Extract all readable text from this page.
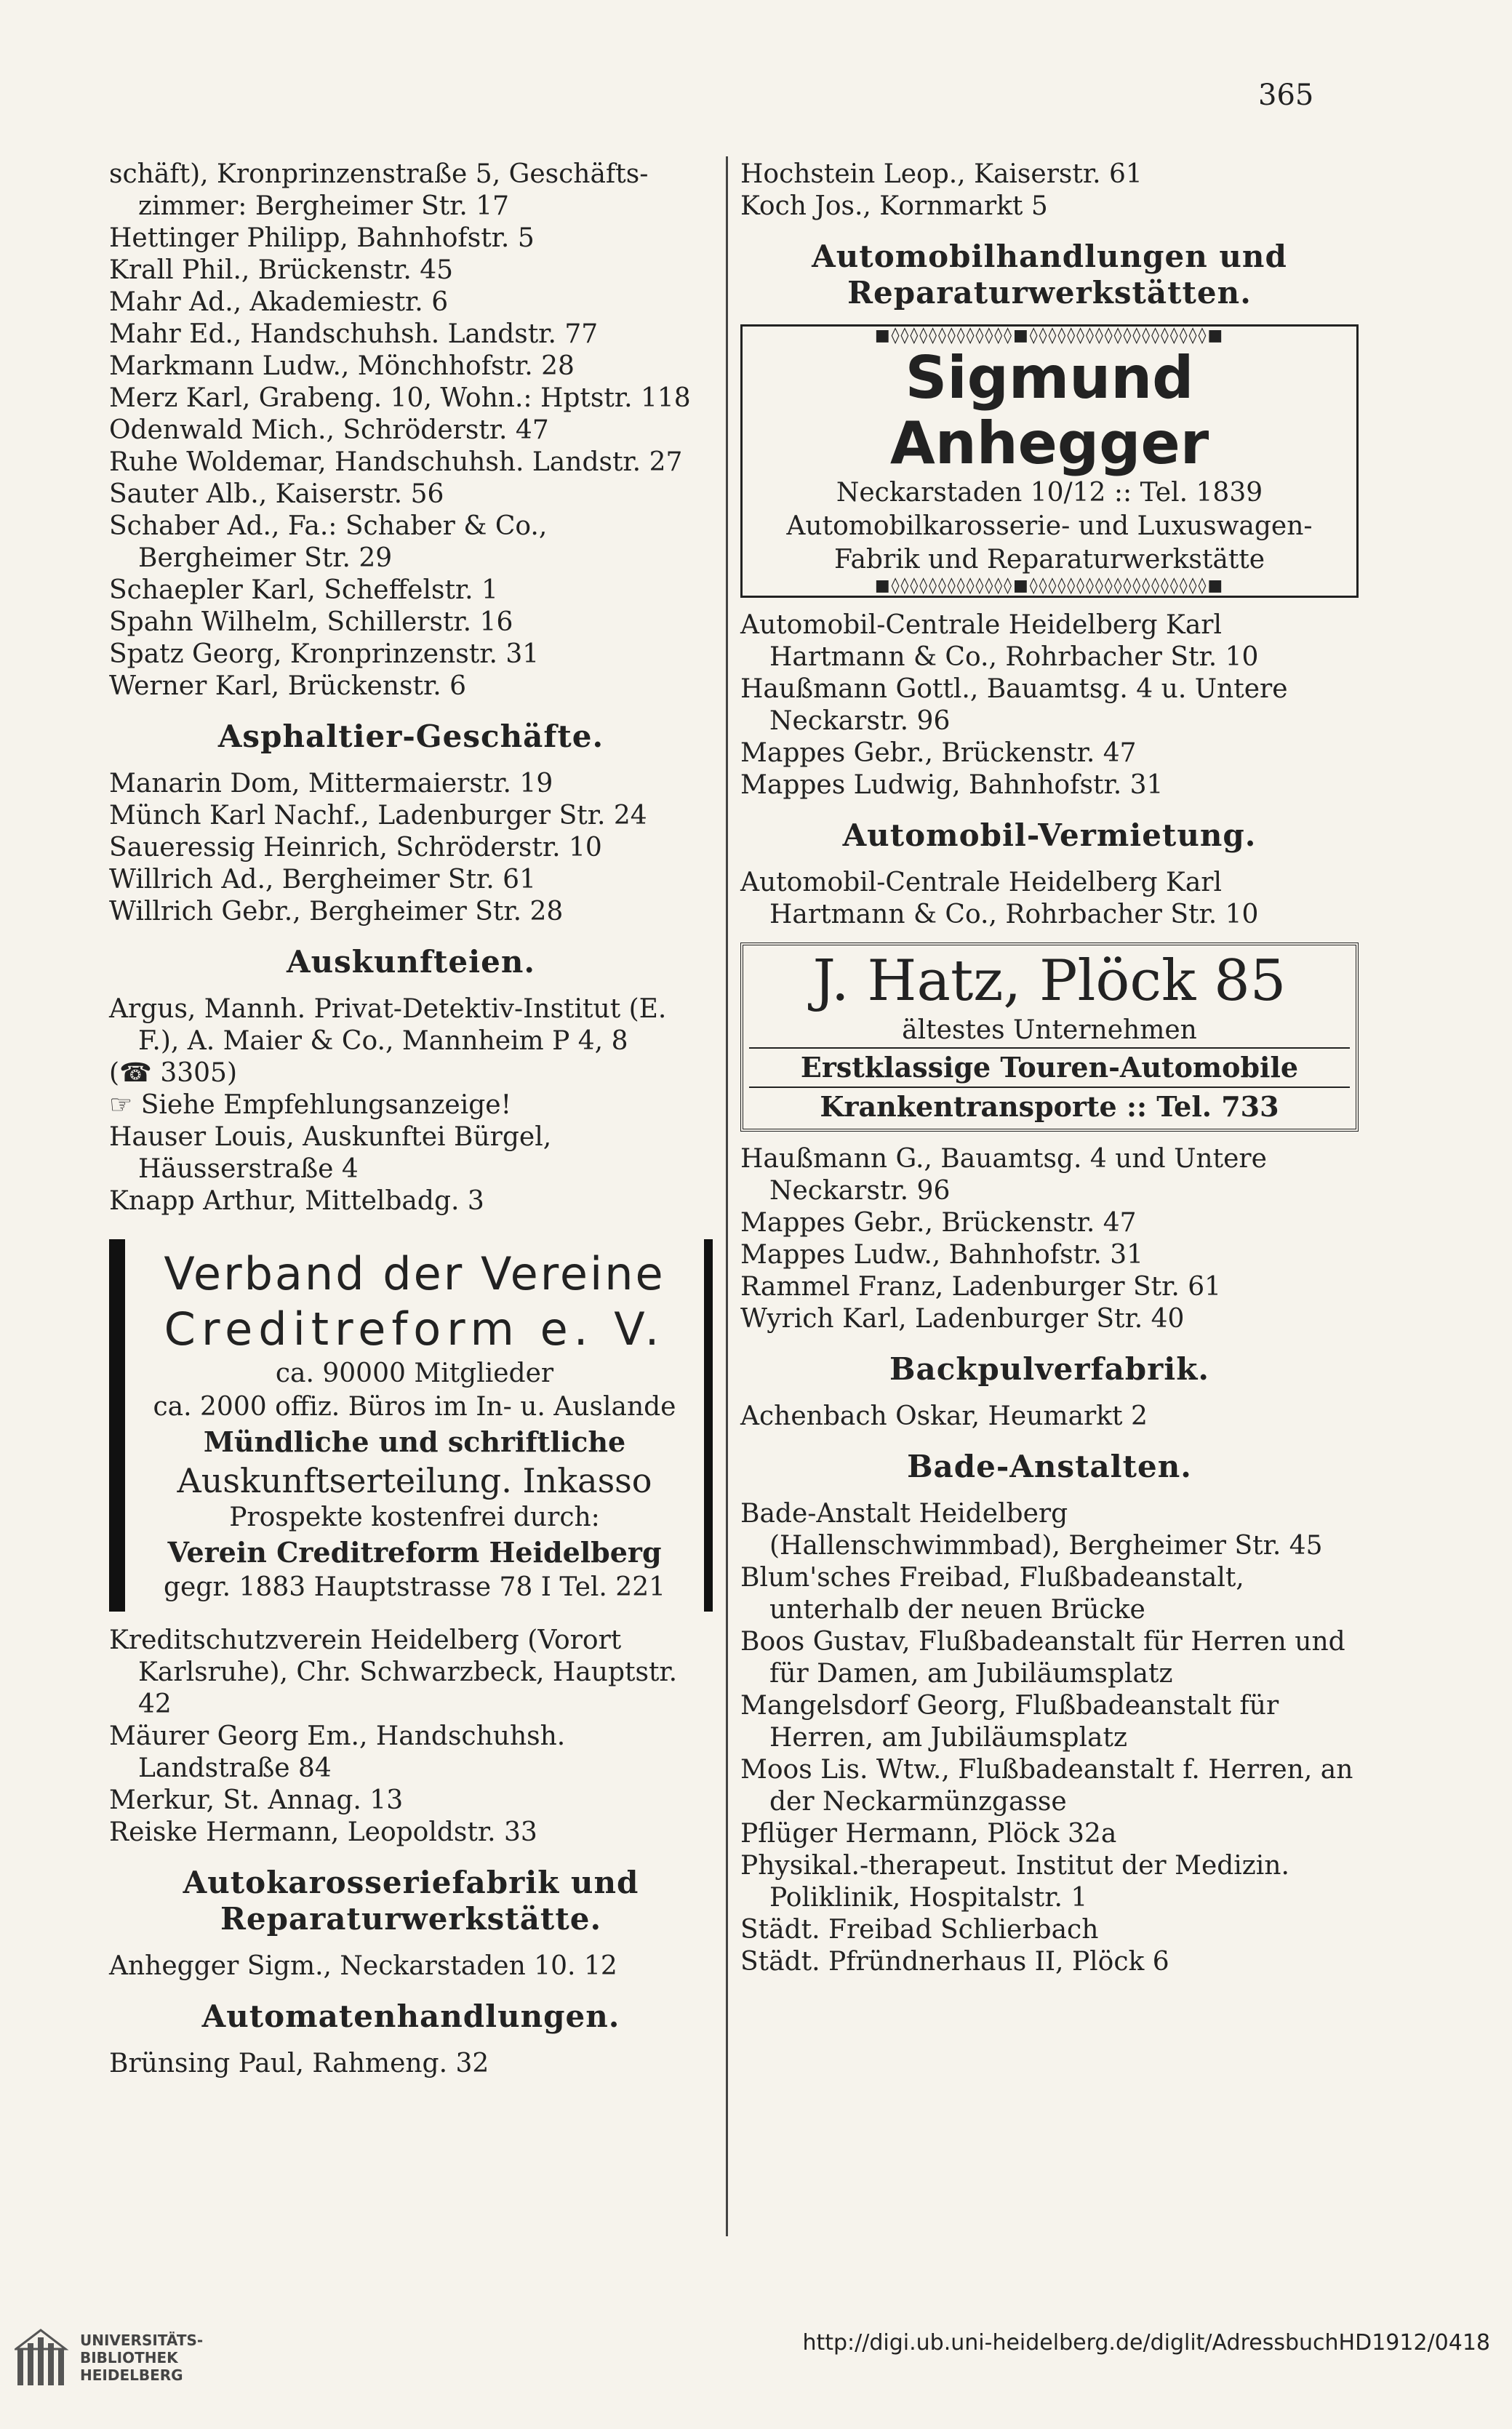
365

schäft), Kronprinzenstraße 5, Geschäfts-zimmer: Bergheimer Str. 17

Hettinger Philipp, Bahnhofstr. 5

Krall Phil., Brückenstr. 45

Mahr Ad., Akademiestr. 6

Mahr Ed., Handschuhsh. Landstr. 77

Markmann Ludw., Mönchhofstr. 28

Merz Karl, Grabeng. 10, Wohn.: Hptstr. 118

Odenwald Mich., Schröderstr. 47

Ruhe Woldemar, Handschuhsh. Landstr. 27

Sauter Alb., Kaiserstr. 56

Schaber Ad., Fa.: Schaber & Co., Bergheimer Str. 29

Schaepler Karl, Scheffelstr. 1

Spahn Wilhelm, Schillerstr. 16

Spatz Georg, Kronprinzenstr. 31

Werner Karl, Brückenstr. 6

Asphaltier-Geschäfte.

Manarin Dom, Mittermaierstr. 19

Münch Karl Nachf., Ladenburger Str. 24

Saueressig Heinrich, Schröderstr. 10

Willrich Ad., Bergheimer Str. 61

Willrich Gebr., Bergheimer Str. 28

Auskunfteien.

Argus, Mannh. Privat-Detektiv-Institut (E. F.), A. Maier & Co., Mannheim P 4, 8

(☎ 3305)

☞ Siehe Empfehlungsanzeige!

Hauser Louis, Auskunftei Bürgel, Häusserstraße 4

Knapp Arthur, Mittelbadg. 3

Verband der Vereine
Creditreform e. V.
ca. 90000 Mitglieder
ca. 2000 offiz. Büros im In- u. Auslande
Mündliche und schriftliche
Auskunftserteilung. Inkasso
Prospekte kostenfrei durch:
Verein Creditreform Heidelberg
gegr. 1883 Hauptstrasse 78 I Tel. 221

Kreditschutzverein Heidelberg (Vorort Karlsruhe), Chr. Schwarzbeck, Hauptstr. 42

Mäurer Georg Em., Handschuhsh. Landstraße 84

Merkur, St. Annag. 13

Reiske Hermann, Leopoldstr. 33

Autokarosseriefabrik und Reparaturwerkstätte.

Anhegger Sigm., Neckarstaden 10. 12

Automatenhandlungen.

Brünsing Paul, Rahmeng. 32

Hochstein Leop., Kaiserstr. 61

Koch Jos., Kornmarkt 5

Automobilhandlungen und Reparaturwerkstätten.
■◊◊◊◊◊◊◊◊◊◊◊◊◊■◊◊◊◊◊◊◊◊◊◊◊◊◊◊◊◊◊◊◊■
Sigmund Anhegger
Neckarstaden 10/12 :: Tel. 1839
Automobilkarosserie- und Luxuswagen-
Fabrik und Reparaturwerkstätte
■◊◊◊◊◊◊◊◊◊◊◊◊◊■◊◊◊◊◊◊◊◊◊◊◊◊◊◊◊◊◊◊◊■

Automobil-Centrale Heidelberg Karl Hartmann & Co., Rohrbacher Str. 10

Haußmann Gottl., Bauamtsg. 4 u. Untere Neckarstr. 96

Mappes Gebr., Brückenstr. 47

Mappes Ludwig, Bahnhofstr. 31

Automobil-Vermietung.

Automobil-Centrale Heidelberg Karl Hartmann & Co., Rohrbacher Str. 10

J. Hatz, Plöck 85
ältestes Unternehmen
Erstklassige Touren-Automobile
Krankentransporte :: Tel. 733

Haußmann G., Bauamtsg. 4 und Untere Neckarstr. 96

Mappes Gebr., Brückenstr. 47

Mappes Ludw., Bahnhofstr. 31

Rammel Franz, Ladenburger Str. 61

Wyrich Karl, Ladenburger Str. 40

Backpulverfabrik.

Achenbach Oskar, Heumarkt 2

Bade-Anstalten.

Bade-Anstalt Heidelberg (Hallenschwimmbad), Bergheimer Str. 45

Blum'sches Freibad, Flußbadeanstalt, unterhalb der neuen Brücke

Boos Gustav, Flußbadeanstalt für Herren und für Damen, am Jubiläumsplatz

Mangelsdorf Georg, Flußbadeanstalt für Herren, am Jubiläumsplatz

Moos Lis. Wtw., Flußbadeanstalt f. Herren, an der Neckarmünzgasse

Pflüger Hermann, Plöck 32a

Physikal.-therapeut. Institut der Medizin. Poliklinik, Hospitalstr. 1

Städt. Freibad Schlierbach

Städt. Pfründnerhaus II, Plöck 6

UNIVERSITÄTS-
BIBLIOTHEK
HEIDELBERG
http://digi.ub.uni-heidelberg.de/diglit/AdressbuchHD1912/0418
